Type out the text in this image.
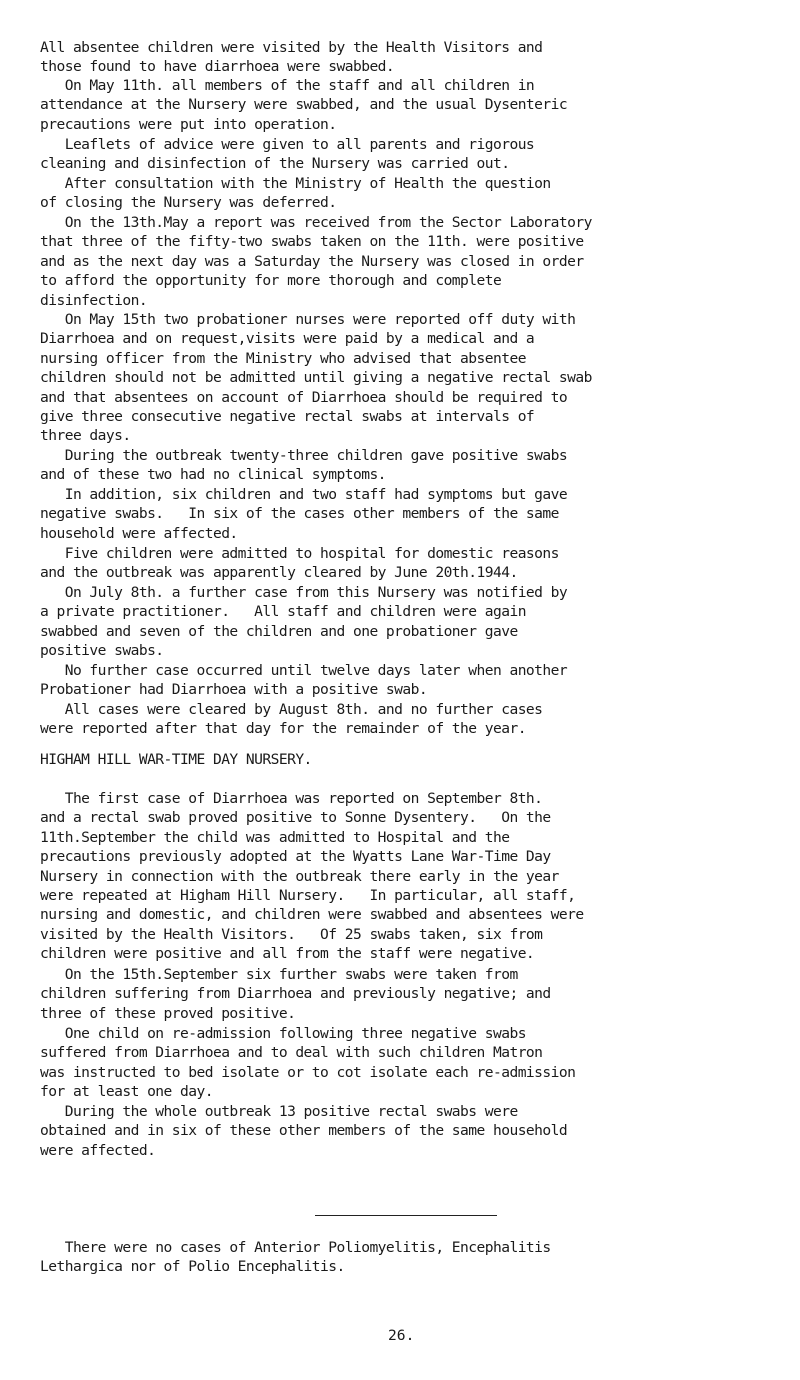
All absentee children were visited by the Health Visitors and
those found to have diarrhoea were swabbed.

On May 11th. all members of the staff and all children in
attendance at the Nursery were swabbed, and the usual Dysenteric
precautions were put into operation.

Leaflets of advice were given to all parents and rigorous
cleaning and disinfection of the Nursery was carried out.

After consultation with the Ministry of Health the question
of closing the Nursery was deferred.

On the 13th.May a report was received from the Sector Laboratory
that three of the fifty-two swabs taken on the 11th. were positive
and as the next day was a Saturday the Nursery was closed in order
to afford the opportunity for more thorough and complete
disinfection.

On May 15th two probationer nurses were reported off duty with
Diarrhoea and on request,visits were paid by a medical and a
nursing officer from the Ministry who advised that absentee
children should not be admitted until giving a negative rectal swab
and that absentees on account of Diarrhoea should be required to
give three consecutive negative rectal swabs at intervals of
three days.

During the outbreak twenty-three children gave positive swabs
and of these two had no clinical symptoms.

In addition, six children and two staff had symptoms but gave
negative swabs.   In six of the cases other members of the same
household were affected.

Five children were admitted to hospital for domestic reasons
and the outbreak was apparently cleared by June 20th.1944.

On July 8th. a further case from this Nursery was notified by
a private practitioner.   All staff and children were again
swabbed and seven of the children and one probationer gave
positive swabs.

No further case occurred until twelve days later when another
Probationer had Diarrhoea with a positive swab.

All cases were cleared by August 8th. and no further cases
were reported after that day for the remainder of the year.

HIGHAM HILL WAR-TIME DAY NURSERY.

The first case of Diarrhoea was reported on September 8th.
and a rectal swab proved positive to Sonne Dysentery.   On the
11th.September the child was admitted to Hospital and the
precautions previously adopted at the Wyatts Lane War-Time Day
Nursery in connection with the outbreak there early in the year
were repeated at Higham Hill Nursery.   In particular, all staff,
nursing and domestic, and children were swabbed and absentees were
visited by the Health Visitors.   Of 25 swabs taken, six from
children were positive and all from the staff were negative.

On the 15th.September six further swabs were taken from
children suffering from Diarrhoea and previously negative; and
three of these proved positive.

One child on re-admission following three negative swabs
suffered from Diarrhoea and to deal with such children Matron
was instructed to bed isolate or to cot isolate each re-admission
for at least one day.

During the whole outbreak 13 positive rectal swabs were
obtained and in six of these other members of the same household
were affected.

There were no cases of Anterior Poliomyelitis, Encephalitis
Lethargica nor of Polio Encephalitis.

26.
